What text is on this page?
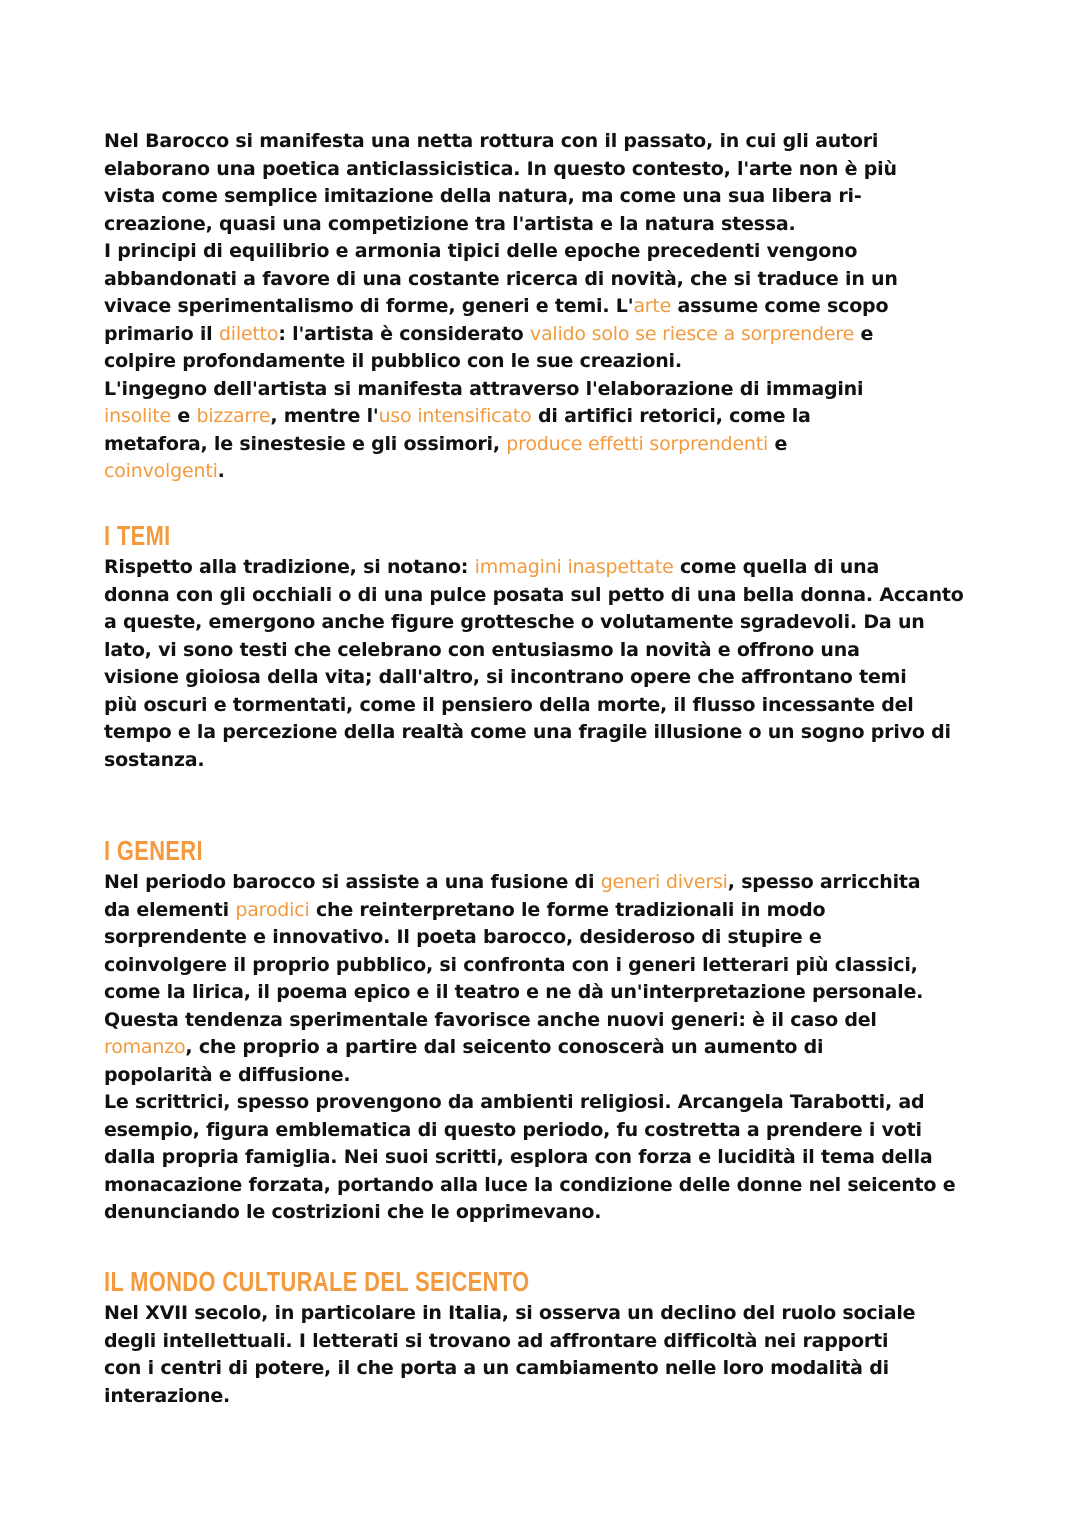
Nel Barocco si manifesta una netta rottura con il passato, in cui gli autori
elaborano una poetica anticlassicistica. In questo contesto, l'arte non è più
vista come semplice imitazione della natura, ma come una sua libera ri-
creazione, quasi una competizione tra l'artista e la natura stessa.
I principi di equilibrio e armonia tipici delle epoche precedenti vengono
abbandonati a favore di una costante ricerca di novità, che si traduce in un
vivace sperimentalismo di forme, generi e temi. L'arte assume come scopo
primario il diletto: l'artista è considerato valido solo se riesce a sorprendere e
colpire profondamente il pubblico con le sue creazioni.
L'ingegno dell'artista si manifesta attraverso l'elaborazione di immagini
insolite e bizzarre, mentre l'uso intensificato di artifici retorici, come la
metafora, le sinestesie e gli ossimori, produce effetti sorprendenti e
coinvolgenti.
I TEMI
Rispetto alla tradizione, si notano: immagini inaspettate come quella di una
donna con gli occhiali o di una pulce posata sul petto di una bella donna. Accanto
a queste, emergono anche figure grottesche o volutamente sgradevoli. Da un
lato, vi sono testi che celebrano con entusiasmo la novità e offrono una
visione gioiosa della vita; dall'altro, si incontrano opere che affrontano temi
più oscuri e tormentati, come il pensiero della morte, il flusso incessante del
tempo e la percezione della realtà come una fragile illusione o un sogno privo di
sostanza.
I GENERI
Nel periodo barocco si assiste a una fusione di generi diversi, spesso arricchita
da elementi parodici che reinterpretano le forme tradizionali in modo
sorprendente e innovativo. Il poeta barocco, desideroso di stupire e
coinvolgere il proprio pubblico, si confronta con i generi letterari più classici,
come la lirica, il poema epico e il teatro e ne dà un'interpretazione personale.
Questa tendenza sperimentale favorisce anche nuovi generi: è il caso del
romanzo, che proprio a partire dal seicento conoscerà un aumento di
popolarità e diffusione.
Le scrittrici, spesso provengono da ambienti religiosi. Arcangela Tarabotti, ad
esempio, figura emblematica di questo periodo, fu costretta a prendere i voti
dalla propria famiglia. Nei suoi scritti, esplora con forza e lucidità il tema della
monacazione forzata, portando alla luce la condizione delle donne nel seicento e
denunciando le costrizioni che le opprimevano.
IL MONDO CULTURALE DEL SEICENTO
Nel XVII secolo, in particolare in Italia, si osserva un declino del ruolo sociale
degli intellettuali. I letterati si trovano ad affrontare difficoltà nei rapporti
con i centri di potere, il che porta a un cambiamento nelle loro modalità di
interazione.
